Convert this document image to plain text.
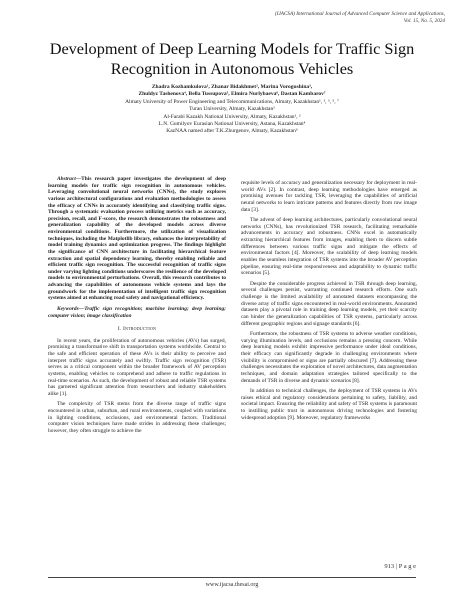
(IJACSA) International Journal of Advanced Computer Science and Applications,
Vol. 15, No. 5, 2024
Development of Deep Learning Models for Traffic Sign Recognition in Autonomous Vehicles
Zhadra Kozhamkulova¹, Zhanar Bidakhmet², Marina Vorogushina³,
Zhuldyz Tashenova⁴, Bella Tussupova⁵, Elmira Nurlybaeva⁶, Dastan Kambarov⁷
Almaty University of Power Engineering and Telecommunications, Almaty, Kazakhstan¹, ², ³, ⁵, ⁷
Turan University, Almaty, Kazakhstan¹
Al-Farabi Kazakh National University, Almaty, Kazakhstan¹, ²
L.N. Gumilyov Eurasian National University, Astana, Kazakhstan⁴
KazNAA named after T.K.Zhurgenov, Almaty, Kazakhstan⁶

Abstract—This research paper investigates the development of deep learning models for traffic sign recognition in autonomous vehicles. Leveraging convolutional neural networks (CNNs), the study explores various architectural configurations and evaluation methodologies to assess the efficacy of CNNs in accurately identifying and classifying traffic signs. Through a systematic evaluation process utilizing metrics such as accuracy, precision, recall, and F-score, the research demonstrates the robustness and generalization capability of the developed models across diverse environmental conditions. Furthermore, the utilization of visualization techniques, including the Matplotlib library, enhances the interpretability of model training dynamics and optimization progress. The findings highlight the significance of CNN architecture in facilitating hierarchical feature extraction and spatial dependency learning, thereby enabling reliable and efficient traffic sign recognition. The successful recognition of traffic signs under varying lighting conditions underscores the resilience of the developed models to environmental perturbations. Overall, this research contributes to advancing the capabilities of autonomous vehicle systems and lays the groundwork for the implementation of intelligent traffic sign recognition systems aimed at enhancing road safety and navigational efficiency.

Keywords—Traffic sign recognition; machine learning; deep learning; computer vision; image classification

I. Introduction

In recent years, the proliferation of autonomous vehicles (AVs) has surged, promising a transformative shift in transportation systems worldwide. Central to the safe and efficient operation of these AVs is their ability to perceive and interpret traffic signs accurately and swiftly. Traffic sign recognition (TSR) serves as a critical component within the broader framework of AV perception systems, enabling vehicles to comprehend and adhere to traffic regulations in real-time scenarios. As such, the development of robust and reliable TSR systems has garnered significant attention from researchers and industry stakeholders alike [1].

The complexity of TSR stems from the diverse range of traffic signs encountered in urban, suburban, and rural environments, coupled with variations in lighting conditions, occlusions, and environmental factors. Traditional computer vision techniques have made strides in addressing these challenges; however, they often struggle to achieve the

requisite levels of accuracy and generalization necessary for deployment in real-world AVs [2]. In contrast, deep learning methodologies have emerged as promising avenues for tackling TSR, leveraging the capabilities of artificial neural networks to learn intricate patterns and features directly from raw image data [3].

The advent of deep learning architectures, particularly convolutional neural networks (CNNs), has revolutionized TSR research, facilitating remarkable advancements in accuracy and robustness. CNNs excel in automatically extracting hierarchical features from images, enabling them to discern subtle differences between various traffic signs and mitigate the effects of environmental factors [4]. Moreover, the scalability of deep learning models enables the seamless integration of TSR systems into the broader AV perception pipeline, ensuring real-time responsiveness and adaptability to dynamic traffic scenarios [5].

Despite the considerable progress achieved in TSR through deep learning, several challenges persist, warranting continued research efforts. One such challenge is the limited availability of annotated datasets encompassing the diverse array of traffic signs encountered in real-world environments. Annotated datasets play a pivotal role in training deep learning models, yet their scarcity can hinder the generalization capabilities of TSR systems, particularly across different geographic regions and signage standards [6].

Furthermore, the robustness of TSR systems to adverse weather conditions, varying illumination levels, and occlusions remains a pressing concern. While deep learning models exhibit impressive performance under ideal conditions, their efficacy can significantly degrade in challenging environments where visibility is compromised or signs are partially obscured [7]. Addressing these challenges necessitates the exploration of novel architectures, data augmentation techniques, and domain adaptation strategies tailored specifically to the demands of TSR in diverse and dynamic scenarios [8].

In addition to technical challenges, the deployment of TSR systems in AVs raises ethical and regulatory considerations pertaining to safety, liability, and societal impact. Ensuring the reliability and safety of TSR systems is paramount to instilling public trust in autonomous driving technologies and fostering widespread adoption [9]. Moreover, regulatory frameworks

913 | P a g e
www.ijacsa.thesai.org
